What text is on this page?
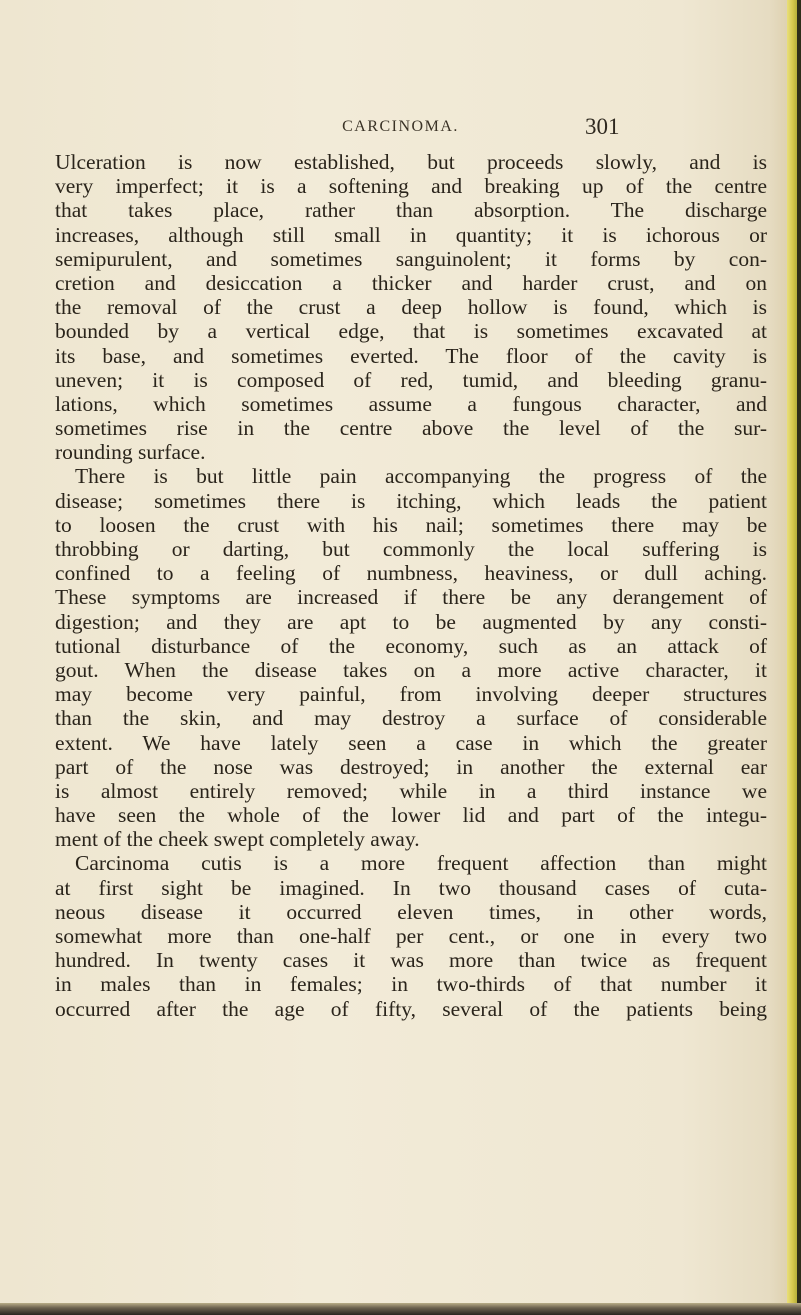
CARCINOMA.	301
Ulceration is now established, but proceeds slowly, and is
very imperfect; it is a softening and breaking up of the centre
that takes place, rather than absorption. The discharge
increases, although still small in quantity; it is ichorous or
semipurulent, and sometimes sanguinolent; it forms by con-
cretion and desiccation a thicker and harder crust, and on
the removal of the crust a deep hollow is found, which is
bounded by a vertical edge, that is sometimes excavated at
its base, and sometimes everted. The floor of the cavity is
uneven; it is composed of red, tumid, and bleeding granu-
lations, which sometimes assume a fungous character, and
sometimes rise in the centre above the level of the sur-
rounding surface.
There is but little pain accompanying the progress of the
disease; sometimes there is itching, which leads the patient
to loosen the crust with his nail; sometimes there may be
throbbing or darting, but commonly the local suffering is
confined to a feeling of numbness, heaviness, or dull aching.
These symptoms are increased if there be any derangement of
digestion; and they are apt to be augmented by any consti-
tutional disturbance of the economy, such as an attack of
gout. When the disease takes on a more active character, it
may become very painful, from involving deeper structures
than the skin, and may destroy a surface of considerable
extent. We have lately seen a case in which the greater
part of the nose was destroyed; in another the external ear
is almost entirely removed; while in a third instance we
have seen the whole of the lower lid and part of the integu-
ment of the cheek swept completely away.
Carcinoma cutis is a more frequent affection than might
at first sight be imagined. In two thousand cases of cuta-
neous disease it occurred eleven times, in other words,
somewhat more than one-half per cent., or one in every two
hundred. In twenty cases it was more than twice as frequent
in males than in females; in two-thirds of that number it
occurred after the age of fifty, several of the patients being
